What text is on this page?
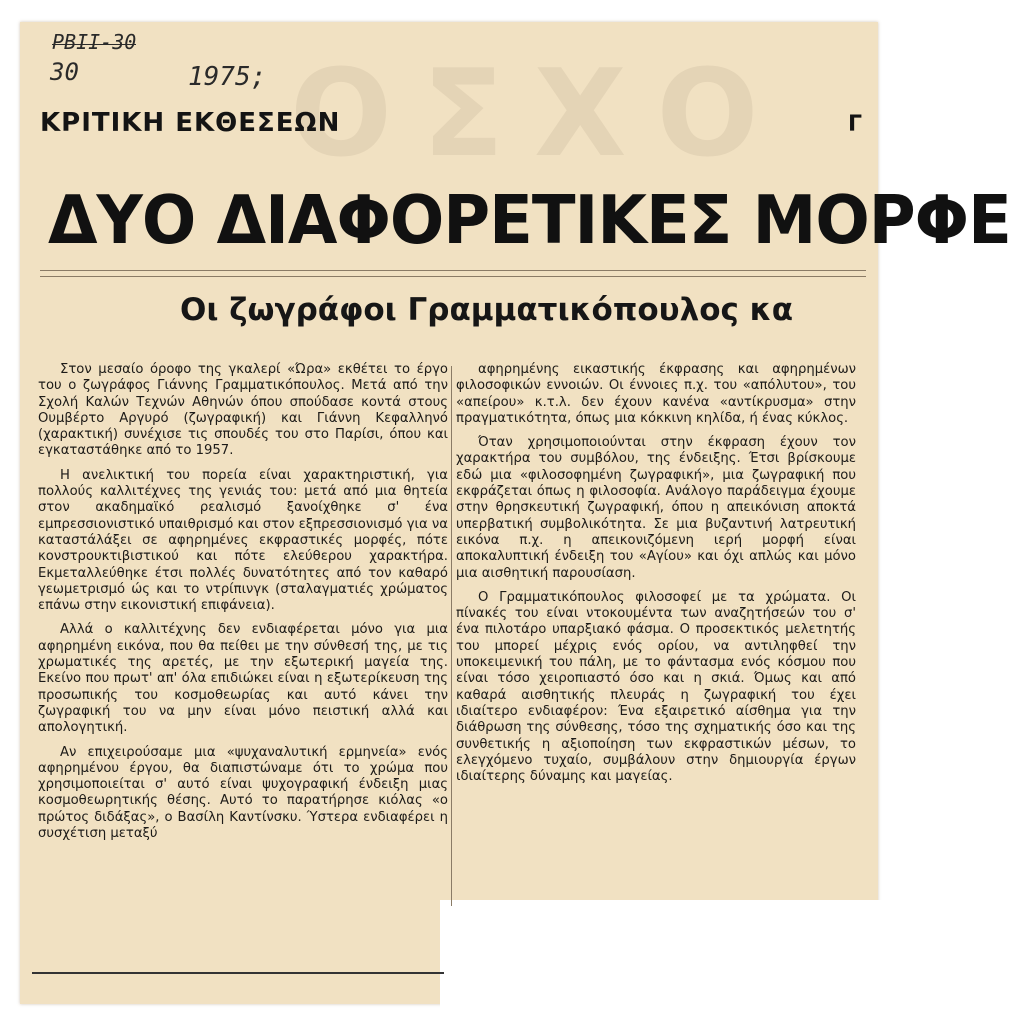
ΟΣΧΟ
ΡΒΙΙ-30
30	1975;
ΚΡΙΤΙΚΗ ΕΚΘΕΣΕΩΝ	Γ
ΔΥΟ ΔΙΑΦΟΡΕΤΙΚΕΣ ΜΟΡΦΕ
Οι ζωγράφοι Γραμματικόπουλος κα

Στον μεσαίο όροφο της γκαλερί «Ώρα» εκθέτει το έργο του ο ζωγράφος Γιάννης Γραμματικόπουλος. Μετά από την Σχολή Καλών Τεχνών Αθηνών όπου σπούδασε κοντά στους Ουμβέρτο Αργυρό (ζωγραφική) και Γιάννη Κεφαλληνό (χαρακτική) συνέχισε τις σπουδές του στο Παρίσι, όπου και εγκαταστάθηκε από το 1957.

Η ανελικτική του πορεία είναι χαρακτηριστική, για πολλούς καλλιτέχνες της γενιάς του: μετά από μια θητεία στον ακαδημαϊκό ρεαλισμό ξανοίχθηκε σ' ένα εμπρεσσιονιστικό υπαιθρισμό και στον εξπρεσσιονισμό για να καταστάλάξει σε αφηρημένες εκφραστικές μορφές, πότε κονστρουκτιβιστικού και πότε ελεύθερου χαρακτήρα. Εκμεταλλεύθηκε έτσι πολλές δυνατότητες από τον καθαρό γεωμετρισμό ώς και το ντρίπινγκ (σταλαγματιές χρώματος επάνω στην εικονιστική επιφάνεια).

Αλλά ο καλλιτέχνης δεν ενδιαφέρεται μόνο για μια αφηρημένη εικόνα, που θα πείθει με την σύνθεσή της, με τις χρωματικές της αρετές, με την εξωτερική μαγεία της. Εκείνο που πρωτ' απ' όλα επιδιώκει είναι η εξωτερίκευση της προσωπικής του κοσμοθεωρίας και αυτό κάνει την ζωγραφική του να μην είναι μόνο πειστική αλλά και απολογητική.

Αν επιχειρούσαμε μια «ψυχαναλυτική ερμηνεία» ενός αφηρημένου έργου, θα διαπιστώναμε ότι το χρώμα που χρησιμοποιείται σ' αυτό είναι ψυχογραφική ένδειξη μιας κοσμοθεωρητικής θέσης. Αυτό το παρατήρησε κιόλας «ο πρώτος διδάξας», ο Βασίλη Καντίνσκυ. Ύστερα ενδιαφέρει η συσχέτιση μεταξύ

αφηρημένης εικαστικής έκφρασης και αφηρημένων φιλοσοφικών εννοιών. Οι έννοιες π.χ. του «απόλυτου», του «απείρου» κ.τ.λ. δεν έχουν κανένα «αντίκρυσμα» στην πραγματικότητα, όπως μια κόκκινη κηλίδα, ή ένας κύκλος.

Όταν χρησιμοποιούνται στην έκφραση έχουν τον χαρακτήρα του συμβόλου, της ένδειξης. Έτσι βρίσκουμε εδώ μια «φιλοσοφημένη ζωγραφική», μια ζωγραφική που εκφράζεται όπως η φιλοσοφία. Ανάλογο παράδειγμα έχουμε στην θρησκευτική ζωγραφική, όπου η απεικόνιση αποκτά υπερβατική συμβολικότητα. Σε μια βυζαντινή λατρευτική εικόνα π.χ. η απεικονιζόμενη ιερή μορφή είναι αποκαλυπτική ένδειξη του «Αγίου» και όχι απλώς και μόνο μια αισθητική παρουσίαση.

Ο Γραμματικόπουλος φιλοσοφεί με τα χρώματα. Οι πίνακές του είναι ντοκουμέντα των αναζητήσεών του σ' ένα πιλοτάρο υπαρξιακό φάσμα. Ο προσεκτικός μελετητής του μπορεί μέχρις ενός ορίου, να αντιληφθεί την υποκειμενική του πάλη, με το φάντασμα ενός κόσμου που είναι τόσο χειροπιαστό όσο και η σκιά. Όμως και από καθαρά αισθητικής πλευράς η ζωγραφική του έχει ιδιαίτερο ενδιαφέρον: Ένα εξαιρετικό αίσθημα για την διάθρωση της σύνθεσης, τόσο της σχηματικής όσο και της συνθετικής η αξιοποίηση των εκφραστικών μέσων, το ελεγχόμενο τυχαίο, συμβάλουν στην δημιουργία έργων ιδιαίτερης δύναμης και μαγείας.
